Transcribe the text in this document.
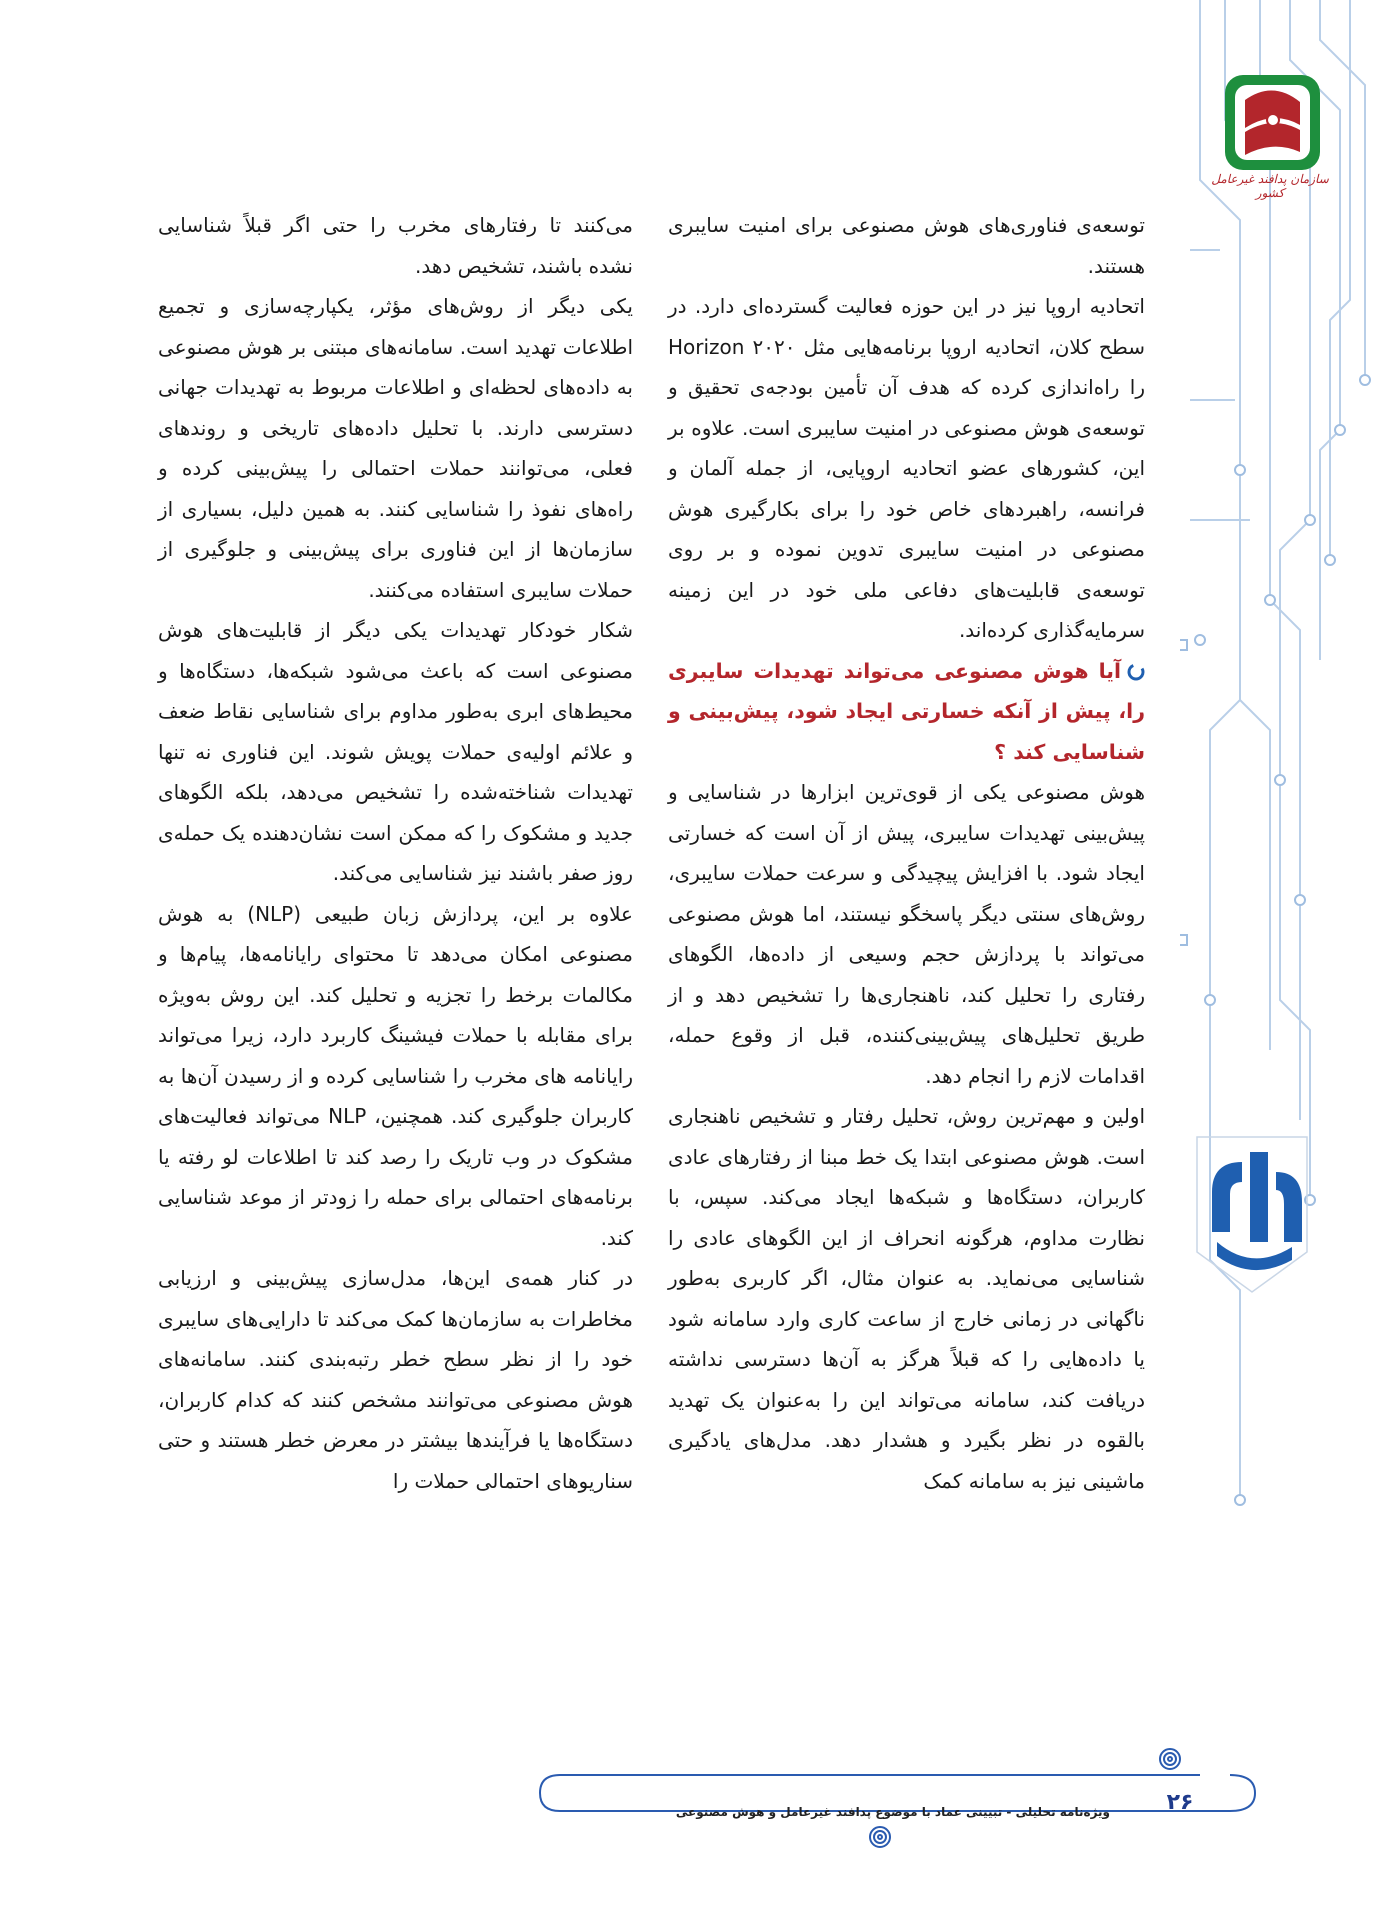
سازمان پدافند غیرعامل کشور

توسعه‌ی فناوری‌های هوش مصنوعی برای امنیت سایبری هستند.

اتحادیه اروپا نیز در این حوزه فعالیت گسترده‌ای دارد. در سطح کلان، اتحادیه اروپا برنامه‌هایی مثل Horizon ۲۰۲۰ را راه‌اندازی کرده که هدف آن تأمین بودجه‌ی تحقیق و توسعه‌ی هوش مصنوعی در امنیت سایبری است. علاوه بر این، کشورهای عضو اتحادیه اروپایی، از جمله آلمان و فرانسه، راهبردهای خاص خود را برای بکارگیری هوش مصنوعی در امنیت سایبری تدوین نموده و بر روی توسعه‌ی قابلیت‌های دفاعی ملی خود در این زمینه سرمایه‌گذاری کرده‌اند.

آیا هوش مصنوعی می‌تواند تهدیدات سایبری را، پیش از آنکه خسارتی ایجاد شود، پیش‌بینی و شناسایی کند ؟

هوش مصنوعی یکی از قوی‌ترین ابزارها در شناسایی و پیش‌بینی تهدیدات سایبری، پیش از آن است که خسارتی ایجاد شود. با افزایش پیچیدگی و سرعت حملات سایبری، روش‌های سنتی دیگر پاسخگو نیستند، اما هوش مصنوعی می‌تواند با پردازش حجم وسیعی از داده‌ها، الگوهای رفتاری را تحلیل کند، ناهنجاری‌ها را تشخیص دهد و از طریق تحلیل‌های پیش‌بینی‌کننده، قبل از وقوع حمله، اقدامات لازم را انجام دهد.

اولین و مهم‌ترین روش، تحلیل رفتار و تشخیص ناهنجاری است. هوش مصنوعی ابتدا یک خط مبنا از رفتارهای عادی کاربران، دستگاه‌ها و شبکه‌ها ایجاد می‌کند. سپس، با نظارت مداوم، هرگونه انحراف از این الگوهای عادی را شناسایی می‌نماید. به عنوان مثال، اگر کاربری به‌طور ناگهانی در زمانی خارج از ساعت کاری وارد سامانه شود یا داده‌هایی را که قبلاً هرگز به آن‌ها دسترسی نداشته دریافت کند، سامانه می‌تواند این را به‌عنوان یک تهدید بالقوه در نظر بگیرد و هشدار دهد. مدل‌های یادگیری ماشینی نیز به سامانه کمک

می‌کنند تا رفتارهای مخرب را حتی اگر قبلاً شناسایی نشده باشند، تشخیص دهد.

یکی دیگر از روش‌های مؤثر، یکپارچه‌سازی و تجمیع اطلاعات تهدید است. سامانه‌های مبتنی بر هوش مصنوعی به داده‌های لحظه‌ای و اطلاعات مربوط به تهدیدات جهانی دسترسی دارند. با تحلیل داده‌های تاریخی و روندهای فعلی، می‌توانند حملات احتمالی را پیش‌بینی کرده و راه‌های نفوذ را شناسایی کنند. به همین دلیل، بسیاری از سازمان‌ها از این فناوری برای پیش‌بینی و جلوگیری از حملات سایبری استفاده می‌کنند.

شکار خودکار تهدیدات یکی دیگر از قابلیت‌های هوش مصنوعی است که باعث می‌شود شبکه‌ها، دستگاه‌ها و محیط‌های ابری به‌طور مداوم برای شناسایی نقاط ضعف و علائم اولیه‌ی حملات پویش شوند. این فناوری نه تنها تهدیدات شناخته‌شده را تشخیص می‌دهد، بلکه الگوهای جدید و مشکوک را که ممکن است نشان‌دهنده یک حمله‌ی روز صفر باشند نیز شناسایی می‌کند.

علاوه بر این، پردازش زبان طبیعی (NLP) به هوش مصنوعی امکان می‌دهد تا محتوای رایانامه‌ها، پیام‌ها و مکالمات برخط را تجزیه و تحلیل کند. این روش به‌ویژه برای مقابله با حملات فیشینگ کاربرد دارد، زیرا می‌تواند رایانامه های مخرب را شناسایی کرده و از رسیدن آن‌ها به کاربران جلوگیری کند. همچنین، NLP می‌تواند فعالیت‌های مشکوک در وب تاریک را رصد کند تا اطلاعات لو رفته یا برنامه‌های احتمالی برای حمله را زودتر از موعد شناسایی کند.

در کنار همه‌ی این‌ها، مدل‌سازی پیش‌بینی و ارزیابی مخاطرات به سازمان‌ها کمک می‌کند تا دارایی‌های سایبری خود را از نظر سطح خطر رتبه‌بندی کنند. سامانه‌های هوش مصنوعی می‌توانند مشخص کنند که کدام کاربران، دستگاه‌ها یا فرآیندها بیشتر در معرض خطر هستند و حتی سناریوهای احتمالی حملات را

۲۶
ویژه‌نامه تحلیلی - تبیینی عماد با موضوع پدافند غیرعامل و هوش مصنوعی
